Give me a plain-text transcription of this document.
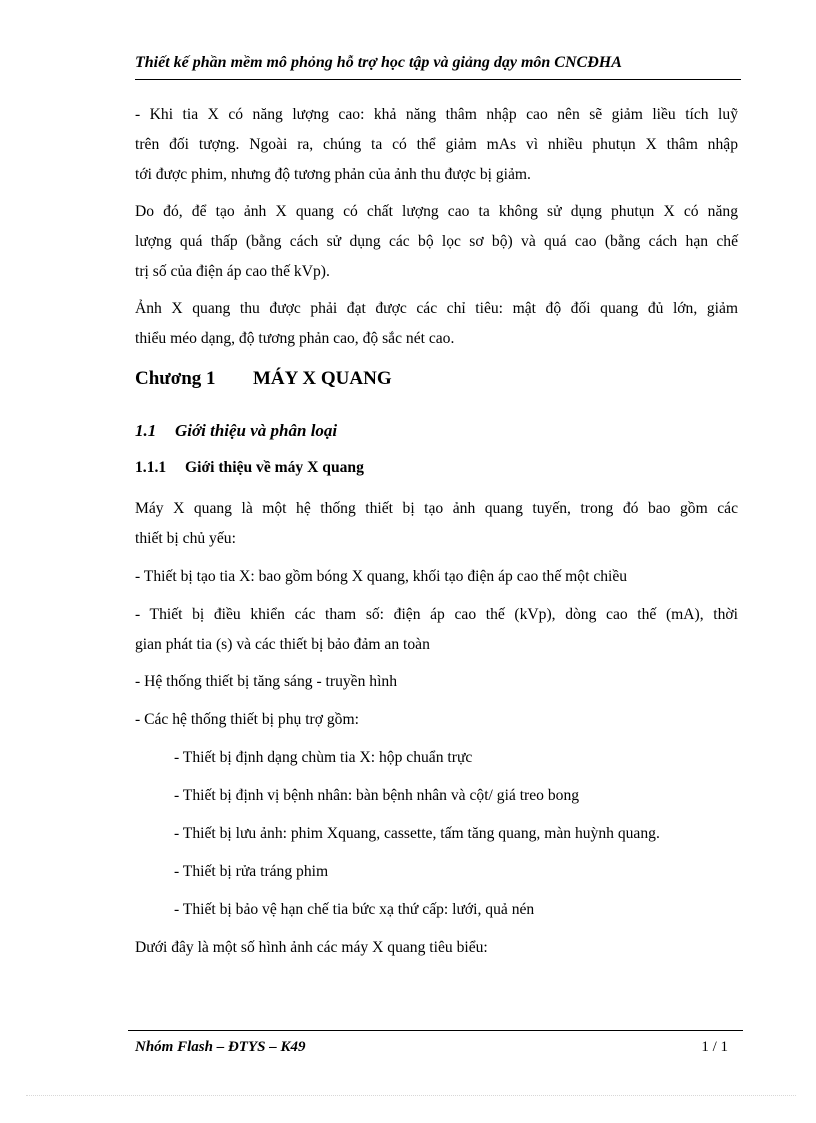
Thiết kế phần mềm mô phỏng hỗ trợ học tập và giảng dạy môn CNCĐHA
- Khi tia X có năng lượng cao: khả năng thâm nhập cao nên sẽ giảm liều tích luỹ
trên đối tượng. Ngoài ra, chúng ta có thể giảm mAs vì nhiều phutụn X thâm nhập
tới được phim, nhưng độ tương phản của ảnh thu được bị giảm.
Do đó, để tạo ảnh X quang có chất lượng cao ta không sử dụng phutụn X có năng
lượng quá thấp (bằng cách sử dụng các bộ lọc sơ bộ) và quá cao (bằng cách hạn chế
trị số của điện áp cao thế kVp).
Ảnh X quang thu được phải đạt được các chỉ tiêu: mật độ đối quang đủ lớn, giảm
thiểu méo dạng, độ tương phản cao, độ sắc nét cao.
Chương 1 MÁY X QUANG
1.1 Giới thiệu và phân loại
1.1.1 Giới thiệu về máy X quang
Máy X quang là một hệ thống thiết bị tạo ảnh quang tuyến, trong đó bao gồm các
thiết bị chủ yếu:
- Thiết bị tạo tia X: bao gồm bóng X quang, khối tạo điện áp cao thế một chiều
- Thiết bị điều khiển các tham số: điện áp cao thế (kVp), dòng cao thế (mA), thời
gian phát tia (s) và các thiết bị bảo đảm an toàn
- Hệ thống thiết bị tăng sáng - truyền hình
- Các hệ thống thiết bị phụ trợ gồm:
- Thiết bị định dạng chùm tia X: hộp chuẩn trực
- Thiết bị định vị bệnh nhân: bàn bệnh nhân và cột/ giá treo bong
- Thiết bị lưu ảnh: phim Xquang, cassette, tấm tăng quang, màn huỳnh quang.
- Thiết bị rửa tráng phim
- Thiết bị bảo vệ hạn chế tia bức xạ thứ cấp: lưới, quả nén
Dưới đây là một số hình ảnh các máy X quang tiêu biểu:
Nhóm Flash – ĐTYS – K49	1 / 1
